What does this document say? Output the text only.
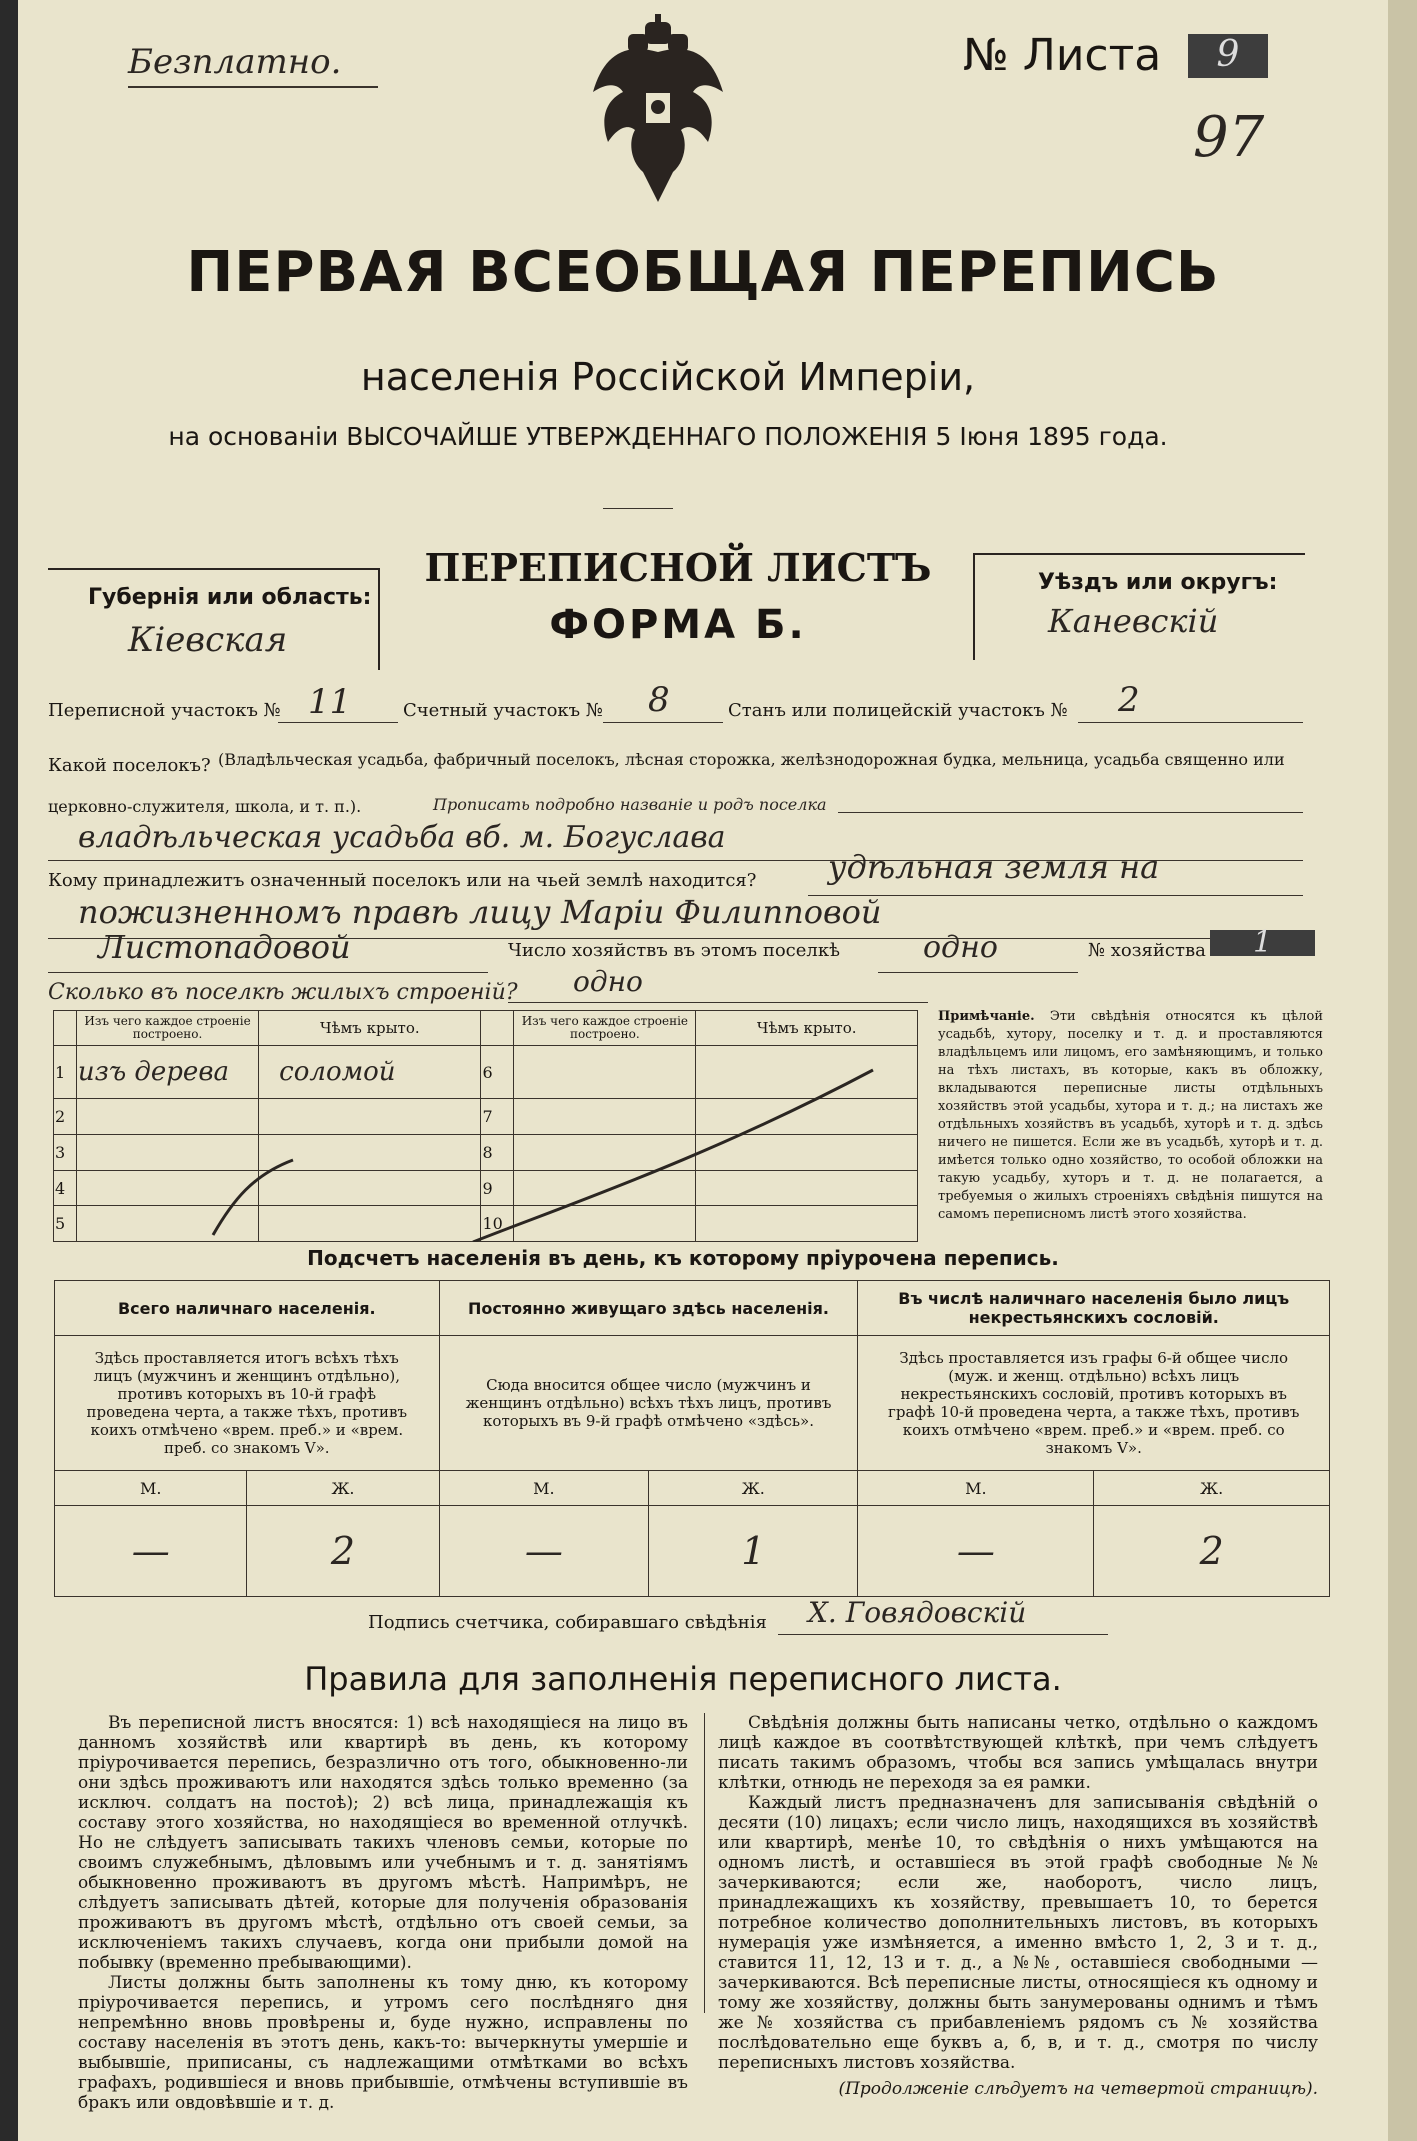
Безплатно.	№ Листа	9
97
ПЕРВАЯ ВСЕОБЩАЯ ПЕРЕПИСЬ
населенія Россійской Имперіи,
на основаніи ВЫСОЧАЙШЕ УТВЕРЖДЕННАГО ПОЛОЖЕНІЯ 5 Іюня 1895 года.
Губернія или область:
Кіевская
ПЕРЕПИСНОЙ ЛИСТЪ
ФОРМА Б.
Уѣздъ или округъ:
Каневскій
Переписной участокъ № 11	Счетный участокъ № 8	Станъ или полицейскій участокъ № 2
Какой поселокъ? (Владѣльческая усадьба, фабричный поселокъ, лѣсная сторожка, желѣзнодорожная будка, мельница, усадьба священно или
церковно-служителя, школа, и т. п.).	Прописать подробно названіе и родъ поселка
владѣльческая усадьба вб. м. Богуслава
Кому принадлежитъ означенный поселокъ или на чьей землѣ находится? удѣльная земля на
пожизненномъ правѣ лицу Маріи Филипповой
Листопадовой	Число хозяйствъ въ этомъ поселкѣ	одно	№ хозяйства	1
Сколько въ поселкѣ жилыхъ строеній? одно
	Изъ чего каждое строеніе построено.	Чѣмъ крыто.		Изъ чего каждое строеніе построено.	Чѣмъ крыто.
1	изъ дерева	соломой	6		
2			7		
3			8		
4			9		
5			10		
Примѣчаніе. Эти свѣдѣнія относятся къ цѣлой усадьбѣ, хутору, поселку и т. д. и проставляются владѣльцемъ или лицомъ, его замѣняющимъ, и только на тѣхъ листахъ, въ которые, какъ въ обложку, вкладываются переписные листы отдѣльныхъ хозяйствъ этой усадьбы, хутора и т. д.; на листахъ же отдѣльныхъ хозяйствъ въ усадьбѣ, хуторѣ и т. д. здѣсь ничего не пишется. Если же въ усадьбѣ, хуторѣ и т. д. имѣется только одно хозяйство, то особой обложки на такую усадьбу, хуторъ и т. д. не полагается, а требуемыя о жилыхъ строеніяхъ свѣдѣнія пишутся на самомъ переписномъ листѣ этого хозяйства.
Подсчетъ населенія въ день, къ которому пріурочена перепись.
Всего наличнаго населенія.		Постоянно живущаго здѣсь населенія.		Въ числѣ наличнаго населенія было лицъ некрестьянскихъ сословій.	
Здѣсь проставляется итогъ всѣхъ тѣхъ лицъ (мужчинъ и женщинъ отдѣльно), противъ которыхъ въ 10-й графѣ проведена черта, а также тѣхъ, противъ коихъ отмѣчено «врем. преб.» и «врем. преб. со знакомъ V».		Сюда вносится общее число (мужчинъ и женщинъ отдѣльно) всѣхъ тѣхъ лицъ, противъ которыхъ въ 9-й графѣ отмѣчено «здѣсь».		Здѣсь проставляется изъ графы 6-й общее число (муж. и женщ. отдѣльно) всѣхъ лицъ некрестьянскихъ сословій, противъ которыхъ въ графѣ 10-й проведена черта, а также тѣхъ, противъ коихъ отмѣчено «врем. преб.» и «врем. преб. со знакомъ V».	
М.	Ж.	М.	Ж.	М.	Ж.
—	2	—	1	—	2
Подпись счетчика, собиравшаго свѣдѣнія Х. Говядовскій
Правила для заполненія переписного листа.

Въ переписной листъ вносятся: 1) всѣ находящіеся на лицо въ данномъ хозяйствѣ или квартирѣ въ день, къ которому пріурочивается перепись, безразлично отъ того, обыкновенно-ли они здѣсь проживаютъ или находятся здѣсь только временно (за исключ. солдатъ на постоѣ); 2) всѣ лица, принадлежащія къ составу этого хозяйства, но находящіеся во временной отлучкѣ. Но не слѣдуетъ записывать такихъ членовъ семьи, которые по своимъ служебнымъ, дѣловымъ или учебнымъ и т. д. занятіямъ обыкновенно проживаютъ въ другомъ мѣстѣ. Напримѣръ, не слѣдуетъ записывать дѣтей, которые для полученія образованія проживаютъ въ другомъ мѣстѣ, отдѣльно отъ своей семьи, за исключеніемъ такихъ случаевъ, когда они прибыли домой на побывку (временно пребывающими).

Листы должны быть заполнены къ тому дню, къ которому пріурочивается перепись, и утромъ сего послѣдняго дня непремѣнно вновь провѣрены и, буде нужно, исправлены по составу населенія въ этотъ день, какъ-то: вычеркнуты умершіе и выбывшіе, приписаны, съ надлежащими отмѣтками во всѣхъ графахъ, родившіеся и вновь прибывшіе, отмѣчены вступившіе въ бракъ или овдовѣвшіе и т. д.

Свѣдѣнія должны быть написаны четко, отдѣльно о каждомъ лицѣ каждое въ соотвѣтствующей клѣткѣ, при чемъ слѣдуетъ писать такимъ образомъ, чтобы вся запись умѣщалась внутри клѣтки, отнюдь не переходя за ея рамки.

Каждый листъ предназначенъ для записыванія свѣдѣній о десяти (10) лицахъ; если число лицъ, находящихся въ хозяйствѣ или квартирѣ, менѣе 10, то свѣдѣнія о нихъ умѣщаются на одномъ листѣ, и оставшіеся въ этой графѣ свободные №№ зачеркиваются; если же, наоборотъ, число лицъ, принадлежащихъ къ хозяйству, превышаетъ 10, то берется потребное количество дополнительныхъ листовъ, въ которыхъ нумерація уже измѣняется, а именно вмѣсто 1, 2, 3 и т. д., ставится 11, 12, 13 и т. д., а №№, оставшіеся свободными — зачеркиваются. Всѣ переписные листы, относящіеся къ одному и тому же хозяйству, должны быть занумерованы однимъ и тѣмъ же № хозяйства съ прибавленіемъ рядомъ съ № хозяйства послѣдовательно еще буквъ а, б, в, и т. д., смотря по числу переписныхъ листовъ хозяйства.

(Продолженіе слѣдуетъ на четвертой страницѣ).
